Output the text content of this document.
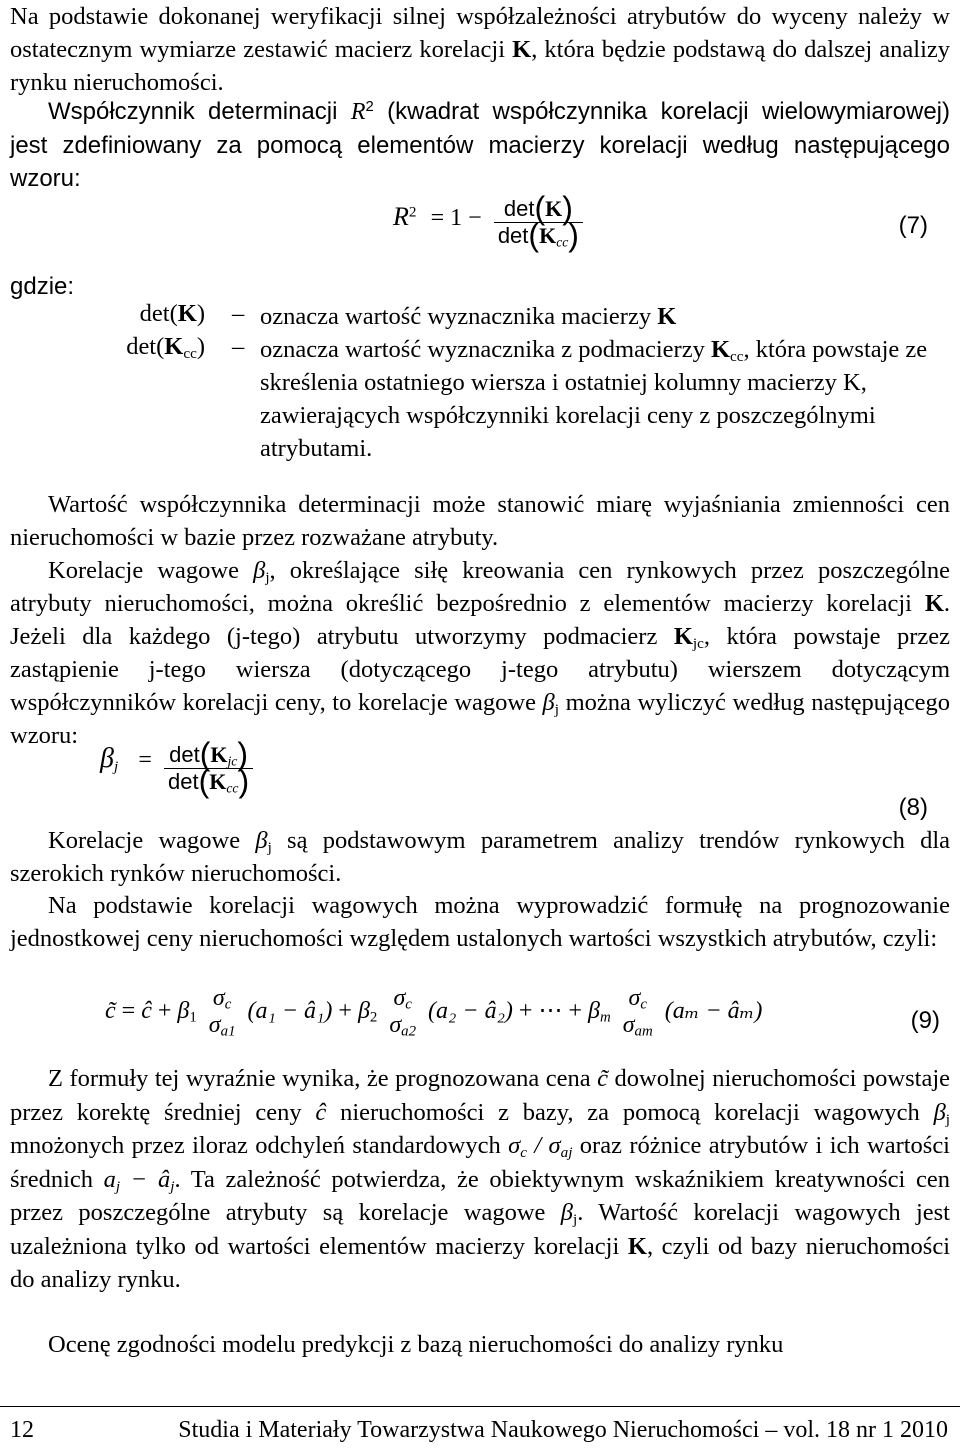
Na podstawie dokonanej weryfikacji silnej współzależności atrybutów do wyceny należy w ostatecznym wymiarze zestawić macierz korelacji K, która będzie podstawą do dalszej analizy rynku nieruchomości.

Współczynnik determinacji $R^2$ (kwadrat współczynnika korelacji wielowymiarowej) jest zdefiniowany za pomocą elementów macierzy korelacji według następującego wzoru:

$R^2 = 1 - \frac{\det(K)}{\det(K_{cc})}$	(7)

gdzie:

det(K) – oznacza wartość wyznacznika macierzy K

$\det(K_{cc})$ – oznacza wartość wyznacznika z podmacierzy $K_{cc}$, która powstaje ze skreślenia ostatniego wiersza i ostatniej kolumny macierzy K, zawierających współczynniki korelacji ceny z poszczególnymi atrybutami.

Wartość współczynnika determinacji może stanowić miarę wyjaśniania zmienności cen nieruchomości w bazie przez rozważane atrybuty.

Korelacje wagowe $\beta_j$, określające siłę kreowania cen rynkowych przez poszczególne atrybuty nieruchomości, można określić bezpośrednio z elementów macierzy korelacji K. Jeżeli dla każdego (j-tego) atrybutu utworzymy podmacierz $K_{jc}$, która powstaje przez zastąpienie j-tego wiersza (dotyczącego j-tego atrybutu) wierszem dotyczącym współczynników korelacji ceny, to korelacje wagowe $\beta_j$ można wyliczyć według następującego wzoru:

$\beta_j = \frac{\det(K_{jc})}{\det(K_{cc})}$
(8)

Korelacje wagowe $\beta_j$ są podstawowym parametrem analizy trendów rynkowych dla szerokich rynków nieruchomości.

Na podstawie korelacji wagowych można wyprowadzić formułę na prognozowanie jednostkowej ceny nieruchomości względem ustalonych wartości wszystkich atrybutów, czyli:

c̃ = ĉ + $\beta_1$
$\sigma_c$
$\sigma_{a1}$
(a₁ − â₁) + $\beta_2$
$\sigma_c$
$\sigma_{a2}$
(a₂ − â₂) + ⋯ + $\beta_m$
$\sigma_c$
$\sigma_{am}$
(aₘ − âₘ)	(9)

Z formuły tej wyraźnie wynika, że prognozowana cena c̃ dowolnej nieruchomości powstaje przez korektę średniej ceny ĉ nieruchomości z bazy, za pomocą korelacji wagowych $\beta_j$ mnożonych przez iloraz odchyleń standardowych $\sigma_c / \sigma_{aj}$ oraz różnice atrybutów i ich wartości średnich $a_j$ − $â_j$. Ta zależność potwierdza, że obiektywnym wskaźnikiem kreatywności cen przez poszczególne atrybuty są korelacje wagowe $\beta_j$. Wartość korelacji wagowych jest uzależniona tylko od wartości elementów macierzy korelacji K, czyli od bazy nieruchomości do analizy rynku.

Ocenę zgodności modelu predykcji z bazą nieruchomości do analizy rynku

12	Studia i Materiały Towarzystwa Naukowego Nieruchomości – vol. 18 nr 1 2010
